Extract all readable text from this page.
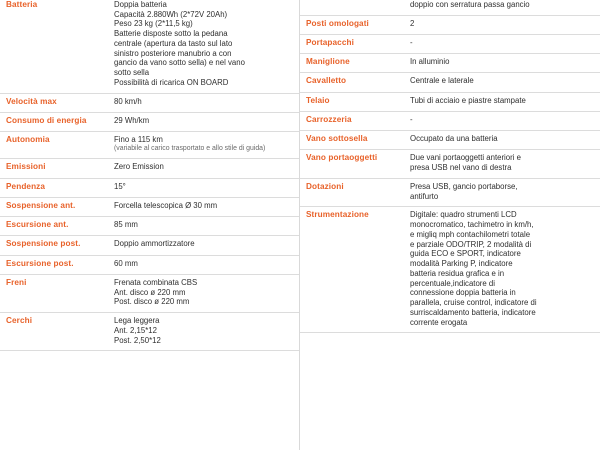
Batteria	Doppia batteria
Capacità 2.880Wh (2*72V 20Ah)
Peso 23 kg (2*11,5 kg)
Batterie disposte sotto la pedana
centrale (apertura da tasto sul lato
sinistro posteriore manubrio a con
gancio da vano sotto sella) e nel vano
sotto sella
Possibilità di ricarica ON BOARD

Velocità max	80 km/h

Consumo di energia	29 Wh/km

Autonomia	Fino a 115 km
(variabile al carico trasportato e allo stile di guida)

Emissioni	Zero Emission

Pendenza	15°

Sospensione ant.	Forcella telescopica Ø 30 mm

Escursione ant.	85 mm

Sospensione post.	Doppio ammortizzatore

Escursione post.	60 mm

Freni	Frenata combinata CBS
Ant. disco ø 220 mm
Post. disco ø 220 mm

Cerchi	Lega leggera
Ant. 2,15*12
Post. 2,50*12

	doppio con serratura passa gancio

Posti omologati	2

Portapacchi	-

Maniglione	In alluminio

Cavalletto	Centrale e laterale

Telaio	Tubi di acciaio e piastre stampate

Carrozzeria	-

Vano sottosella	Occupato da una batteria

Vano portaoggetti	Due vani portaoggetti anteriori e
presa USB nel vano di destra

Dotazioni	Presa USB, gancio portaborse,
antifurto

Strumentazione	Digitale: quadro strumenti LCD
monocromatico, tachimetro in km/h,
e migliq mph contachilometri totale
e parziale ODO/TRIP, 2 modalità di
guida ECO e SPORT, indicatore
modalità Parking P, indicatore
batteria residua grafica e in
percentuale,indicatore di
connessione doppia batteria in
parallela, cruise control, indicatore di
surriscaldamento batteria, indicatore
corrente erogata
